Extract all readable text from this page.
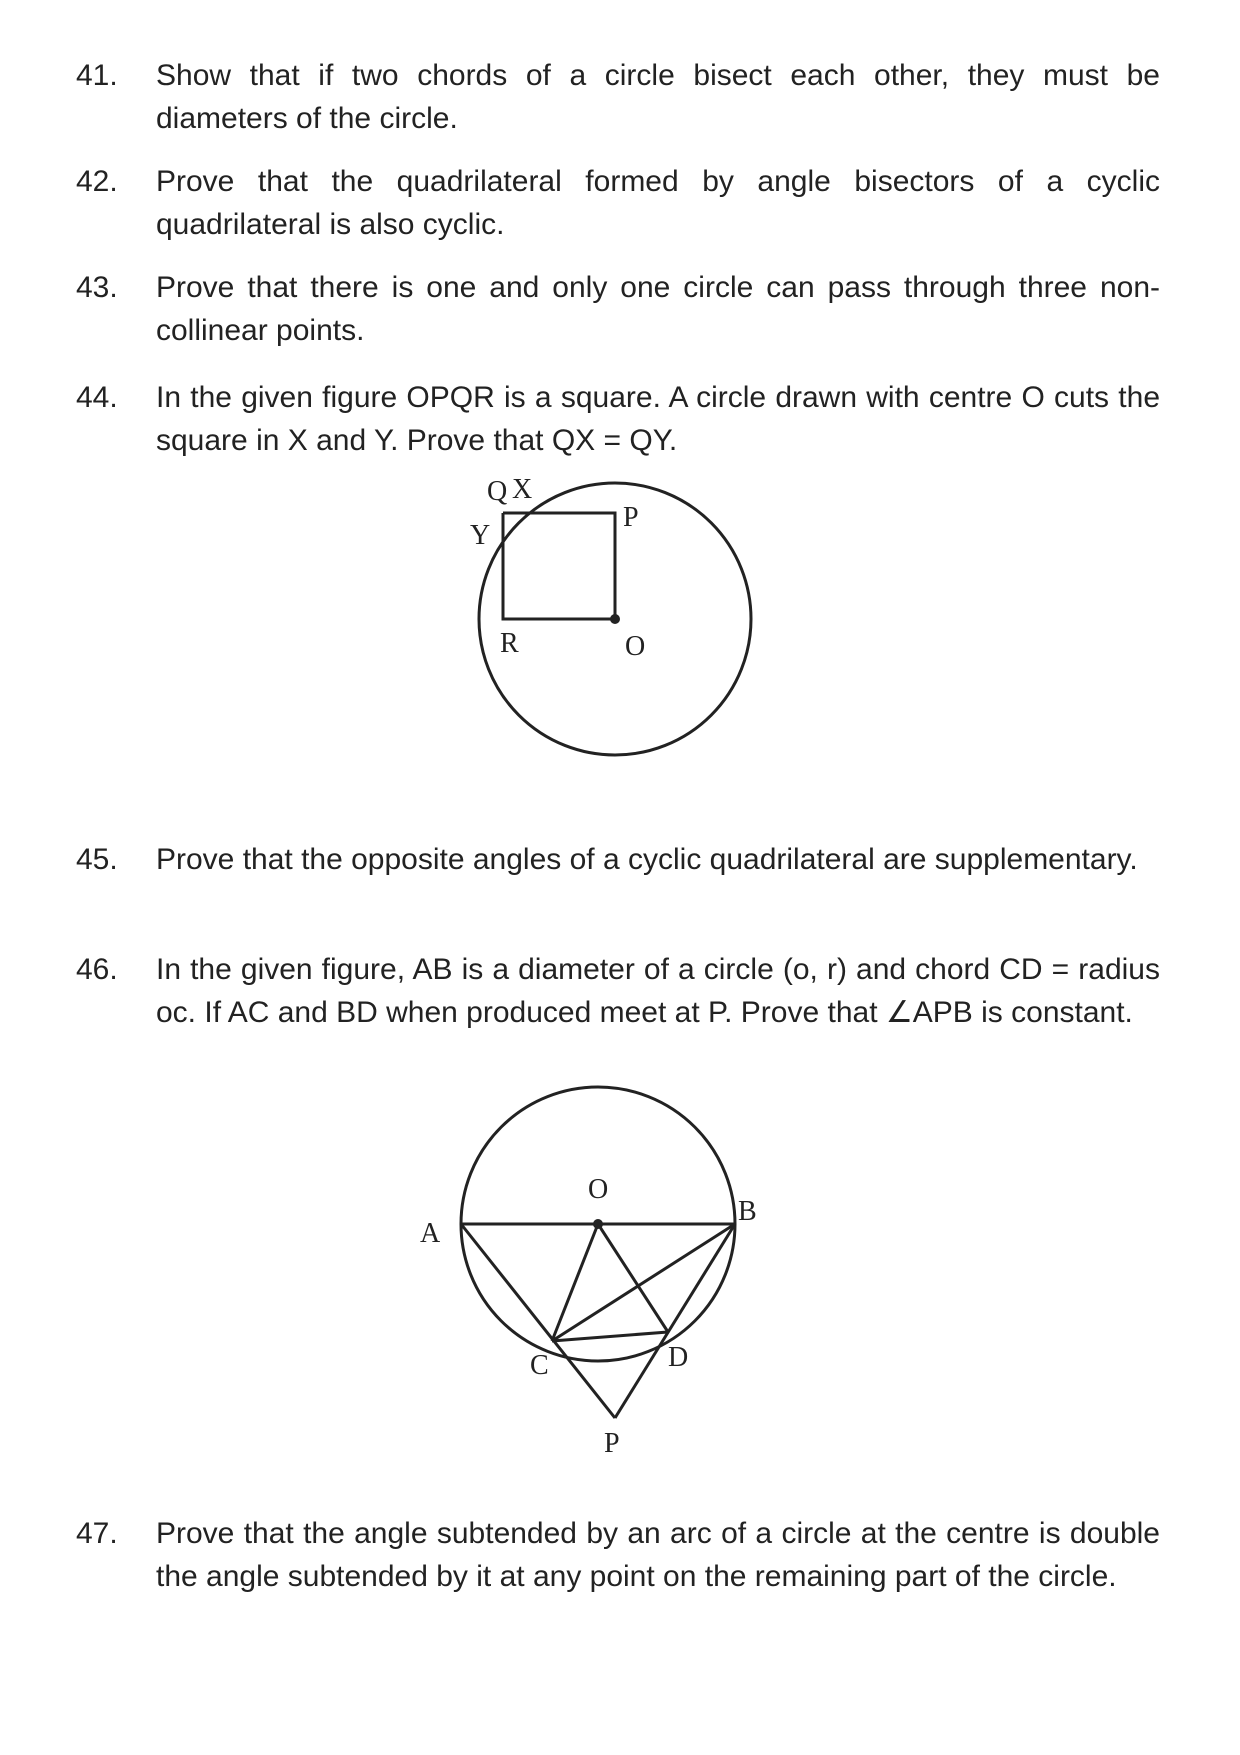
41.	Show that if two chords of a circle bisect each other, they must be diameters of the circle.
42.	Prove that the quadrilateral formed by angle bisectors of a cyclic quadrilateral is also cyclic.
43.	Prove that there is one and only one circle can pass through three non-collinear points.
44.	In the given figure OPQR is a square. A circle drawn with centre O cuts the square in X and Y. Prove that QX = QY.
Q X
Y
P
R	O
45.	Prove that the opposite angles of a cyclic quadrilateral are supplementary.
46.	In the given figure, AB is a diameter of a circle (o, r) and chord CD = radius oc. If AC and BD when produced meet at P. Prove that ∠APB is constant.
A
B
O
C	D
P
47.	Prove that the angle subtended by an arc of a circle at the centre is double the angle subtended by it at any point on the remaining part of the circle.
